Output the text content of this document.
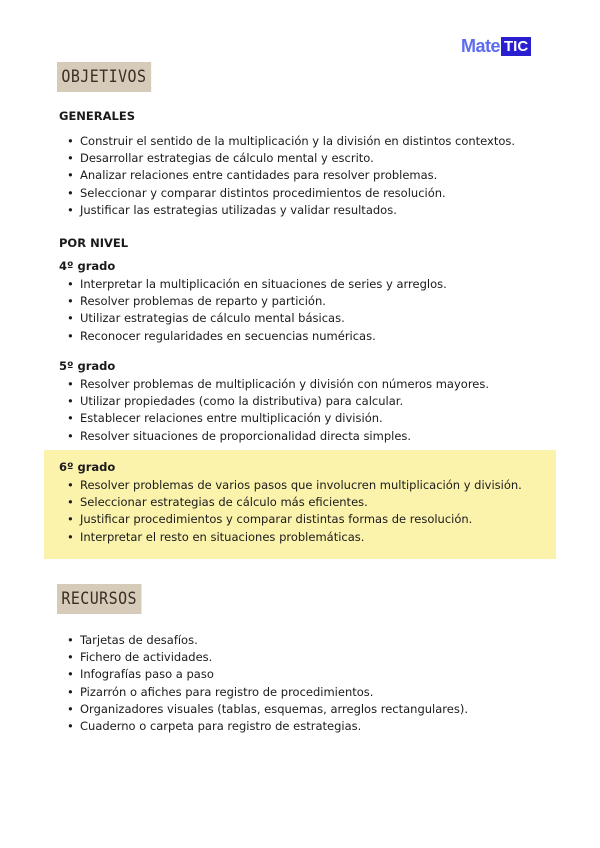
Mate TIC
OBJETIVOS
GENERALES
• Construir el sentido de la multiplicación y la división en distintos contextos.
• Desarrollar estrategias de cálculo mental y escrito.
• Analizar relaciones entre cantidades para resolver problemas.
• Seleccionar y comparar distintos procedimientos de resolución.
• Justificar las estrategias utilizadas y validar resultados.
POR NIVEL
4º grado
• Interpretar la multiplicación en situaciones de series y arreglos.
• Resolver problemas de reparto y partición.
• Utilizar estrategias de cálculo mental básicas.
• Reconocer regularidades en secuencias numéricas.
5º grado
• Resolver problemas de multiplicación y división con números mayores.
• Utilizar propiedades (como la distributiva) para calcular.
• Establecer relaciones entre multiplicación y división.
• Resolver situaciones de proporcionalidad directa simples.
6º grado
• Resolver problemas de varios pasos que involucren multiplicación y división.
• Seleccionar estrategias de cálculo más eficientes.
• Justificar procedimientos y comparar distintas formas de resolución.
• Interpretar el resto en situaciones problemáticas.
RECURSOS
• Tarjetas de desafíos.
• Fichero de actividades.
• Infografías paso a paso
• Pizarrón o afiches para registro de procedimientos.
• Organizadores visuales (tablas, esquemas, arreglos rectangulares).
• Cuaderno o carpeta para registro de estrategias.
